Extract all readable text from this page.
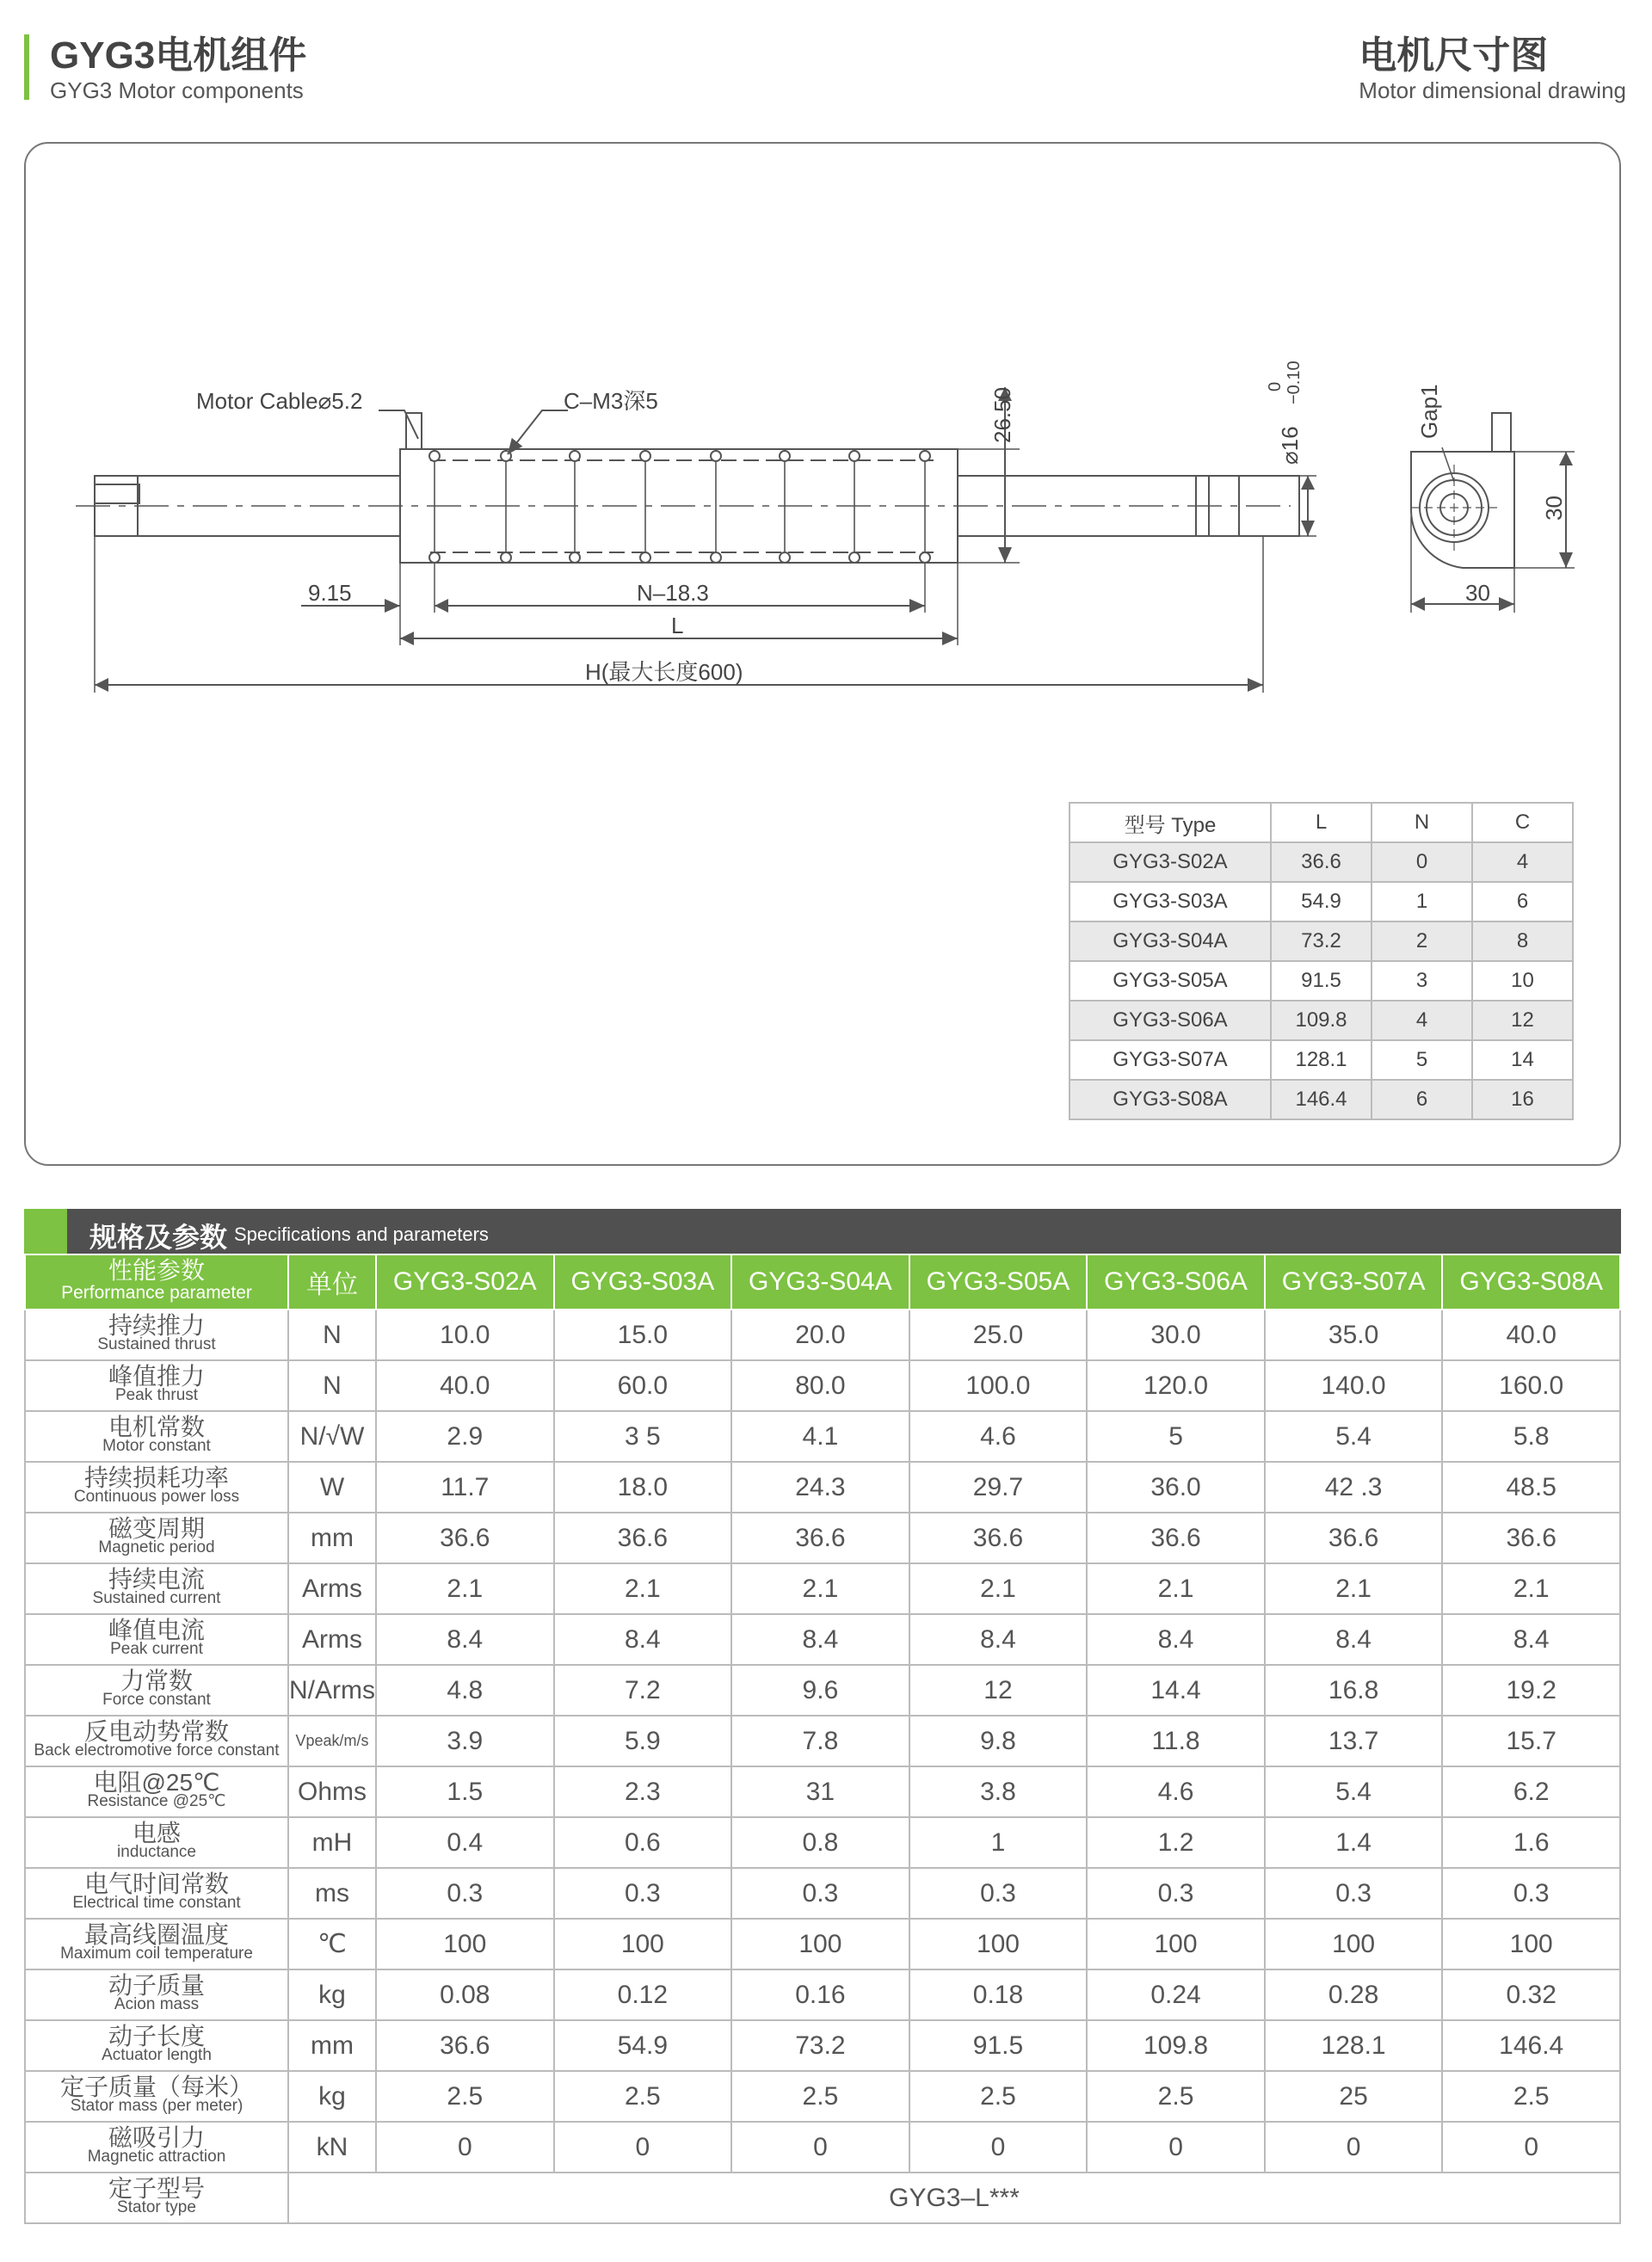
GYG3电机组件
GYG3 Motor components
电机尺寸图
Motor dimensional drawing
Motor Cable⌀5.2	C–M3深5
9.15	N–18.3
L
H(最大长度600)
30
26.50
⌀16
0 −0.10
Gap1
30
型号 Type	L	N	C
GYG3-S02A	36.6	0	4
GYG3-S03A	54.9	1	6
GYG3-S04A	73.2	2	8
GYG3-S05A	91.5	3	10
GYG3-S06A	109.8	4	12
GYG3-S07A	128.1	5	14
GYG3-S08A	146.4	6	16
规格及参数 Specifications and parameters
性能参数
Performance parameter	单位	GYG3-S02A	GYG3-S03A	GYG3-S04A	GYG3-S05A	GYG3-S06A	GYG3-S07A	GYG3-S08A

持续推力
Sustained thrust	N	10.0	15.0	20.0	25.0	30.0	35.0	40.0

峰值推力
Peak thrust	N	40.0	60.0	80.0	100.0	120.0	140.0	160.0

电机常数
Motor constant	N/√W	2.9	3 5	4.1	4.6	5	5.4	5.8

持续损耗功率
Continuous power loss	W	11.7	18.0	24.3	29.7	36.0	42 .3	48.5

磁变周期
Magnetic period	mm	36.6	36.6	36.6	36.6	36.6	36.6	36.6

持续电流
Sustained current	Arms	2.1	2.1	2.1	2.1	2.1	2.1	2.1

峰值电流
Peak current	Arms	8.4	8.4	8.4	8.4	8.4	8.4	8.4

力常数
Force constant	N/Arms	4.8	7.2	9.6	12	14.4	16.8	19.2

反电动势常数
Back electromotive force constant	Vpeak/m/s	3.9	5.9	7.8	9.8	11.8	13.7	15.7

电阻@25℃
Resistance @25℃	Ohms	1.5	2.3	31	3.8	4.6	5.4	6.2

电感
inductance	mH	0.4	0.6	0.8	1	1.2	1.4	1.6

电气时间常数
Electrical time constant	ms	0.3	0.3	0.3	0.3	0.3	0.3	0.3

最高线圈温度
Maximum coil temperature	℃	100	100	100	100	100	100	100

动子质量
Acion mass	kg	0.08	0.12	0.16	0.18	0.24	0.28	0.32

动子长度
Actuator length	mm	36.6	54.9	73.2	91.5	109.8	128.1	146.4

定子质量（每米）
Stator mass (per meter)	kg	2.5	2.5	2.5	2.5	2.5	25	2.5

磁吸引力
Magnetic attraction	kN	0	0	0	0	0	0	0

定子型号
Stator type	GYG3–L***							
